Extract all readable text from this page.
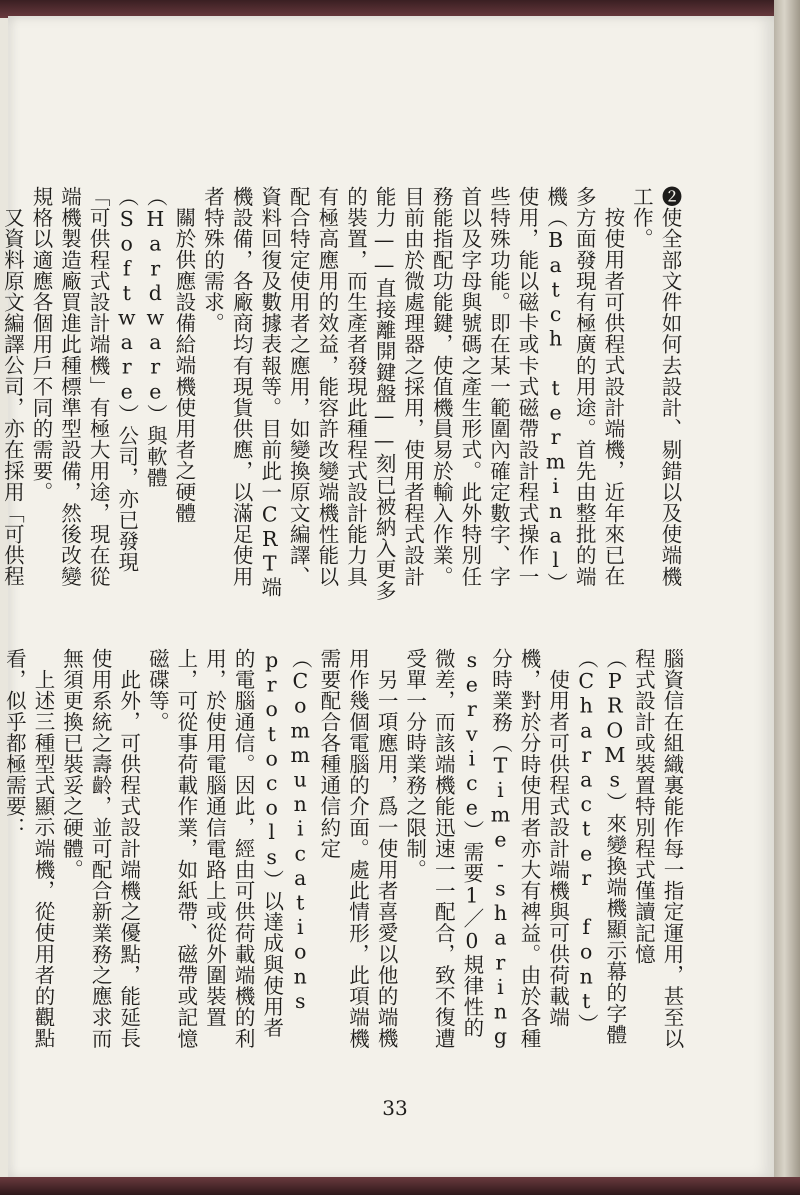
❷使全部文件如何去設計、剔錯以及使端機工作。

按使用者可供程式設計端機，近年來已在多方面發現有極廣的用途。首先由整批的端機（Batch terminal）使用，能以磁卡或卡式磁帶設計程式操作一些特殊功能。即在某一範圍內確定數字、字首以及字母與號碼之產生形式。此外特別任務能指配功能鍵，使值機員易於輸入作業。目前由於微處理器之採用，使用者程式設計能力——直接離開鍵盤——刻已被納入更多的裝置，而生產者發現此種程式設計能力具有極高應用的效益，能容許改變端機性能以配合特定使用者之應用，如變換原文編譯、資料回復及數據表報等。目前此一CRT端機設備，各廠商均有現貨供應，以滿足使用者特殊的需求。

關於供應設備給端機使用者之硬體（Hardware）與軟體（Software）公司，亦已發現「可供程式設計端機」有極大用途，現在從端機製造廠買進此種標準型設備，然後改變規格以適應各個用戶不同的需要。

又資料原文編譯公司，亦在採用「可供程

腦資信在組織裏能作每一指定運用，甚至以程式設計或裝置特別程式僅讀記憶（PROMs）來變換端機顯示幕的字體（Character font）

使用者可供程式設計端機與可供荷載端機，對於分時使用者亦大有裨益。由於各種分時業務（Time-sharing service）需要1／0規律性的微差，而該端機能迅速一一配合，致不復遭受單一分時業務之限制。

另一項應用，爲一使用者喜愛以他的端機用作幾個電腦的介面。處此情形，此項端機需要配合各種通信約定（Communications protocols）以達成與使用者的電腦通信。因此，經由可供荷載端機的利用，於使用電腦通信電路上或從外圍裝置上，可從事荷載作業，如紙帶、磁帶或記憶磁碟等。

此外，可供程式設計端機之優點，能延長使用系統之壽齡，並可配合新業務之應求而無須更換已裝妥之硬體。

上述三種型式顯示端機，從使用者的觀點看，似乎都極需要：

33
